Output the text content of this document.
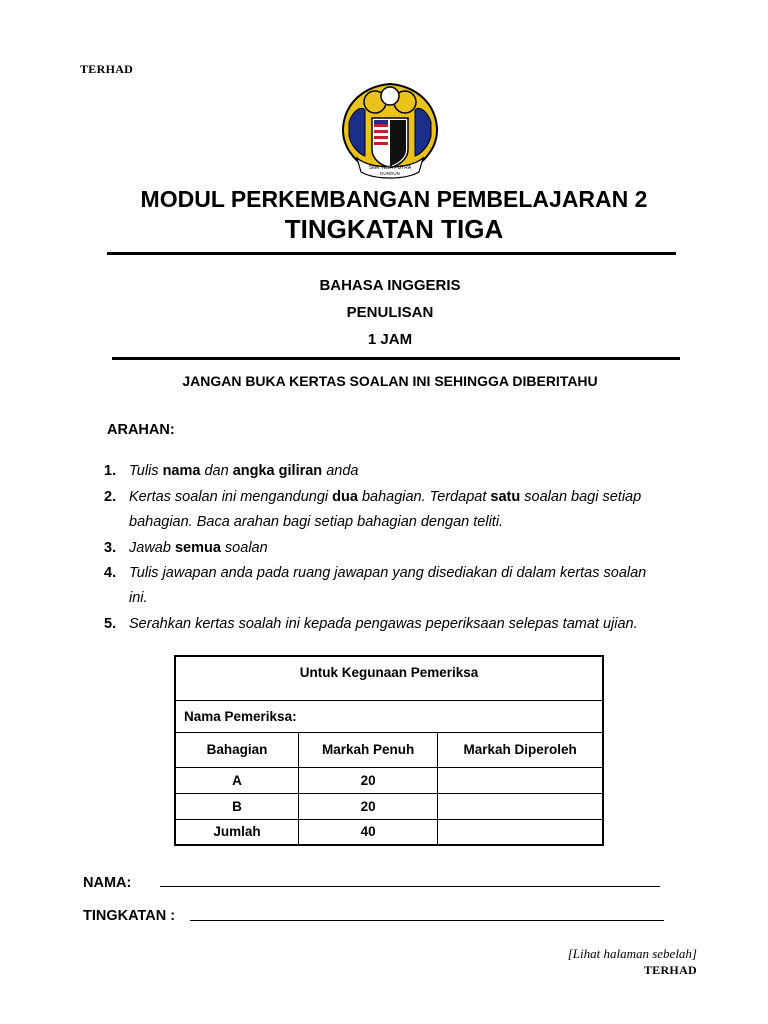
TERHAD
SMK TEJA PUTRA
DUNGUN
MODUL PERKEMBANGAN PEMBELAJARAN 2
TINGKATAN TIGA
BAHASA INGGERIS
PENULISAN
1 JAM
JANGAN BUKA KERTAS SOALAN INI SEHINGGA DIBERITAHU
ARAHAN:
1. Tulis nama dan angka giliran anda
2. Kertas soalan ini mengandungi dua bahagian. Terdapat satu soalan bagi setiap
bahagian. Baca arahan bagi setiap bahagian dengan teliti.
3. Jawab semua soalan
4. Tulis jawapan anda pada ruang jawapan yang disediakan di dalam kertas soalan
ini.
5. Serahkan kertas soalah ini kepada pengawas peperiksaan selepas tamat ujian.
Untuk Kegunaan Pemeriksa		
Nama Pemeriksa:		
Bahagian	Markah Penuh	Markah Diperoleh
A	20	
B	20	
Jumlah	40	
NAMA:
TINGKATAN :
[Lihat halaman sebelah]
TERHAD
